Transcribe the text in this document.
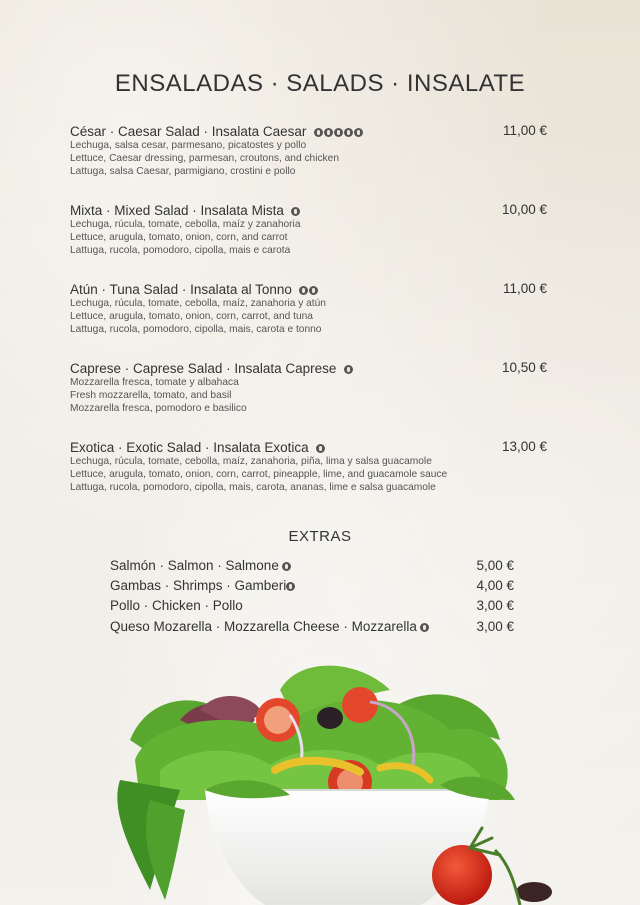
ENSALADAS · SALADS · INSALATE
César · Caesar Salad · Insalata Caesar	11,00 €
Lechuga, salsa cesar, parmesano, picatostes y pollo
Lettuce, Caesar dressing, parmesan, croutons, and chicken
Lattuga, salsa Caesar, parmigiano, crostini e pollo
Mixta · Mixed Salad · Insalata Mista	10,00 €
Lechuga, rúcula, tomate, cebolla, maíz y zanahoria
Lettuce, arugula, tomato, onion, corn, and carrot
Lattuga, rucola, pomodoro, cipolla, mais e carota
Atún · Tuna Salad · Insalata al Tonno	11,00 €
Lechuga, rúcula, tomate, cebolla, maíz, zanahoria y atún
Lettuce, arugula, tomato, onion, corn, carrot, and tuna
Lattuga, rucola, pomodoro, cipolla, mais, carota e tonno
Caprese · Caprese Salad · Insalata Caprese	10,50 €
Mozzarella fresca, tomate y albahaca
Fresh mozzarella, tomato, and basil
Mozzarella fresca, pomodoro e basilico
Exotica · Exotic Salad · Insalata Exotica	13,00 €
Lechuga, rúcula, tomate, cebolla, maíz, zanahoria, piña, lima y salsa guacamole
Lettuce, arugula, tomato, onion, corn, carrot, pineapple, lime, and guacamole sauce
Lattuga, rucola, pomodoro, cipolla, mais, carota, ananas, lime e salsa guacamole
EXTRAS
Salmón · Salmon · Salmone	5,00 €
Gambas · Shrimps · Gamberi	4,00 €
Pollo · Chicken · Pollo	3,00 €
Queso Mozarella · Mozzarella Cheese · Mozzarella	3,00 €
